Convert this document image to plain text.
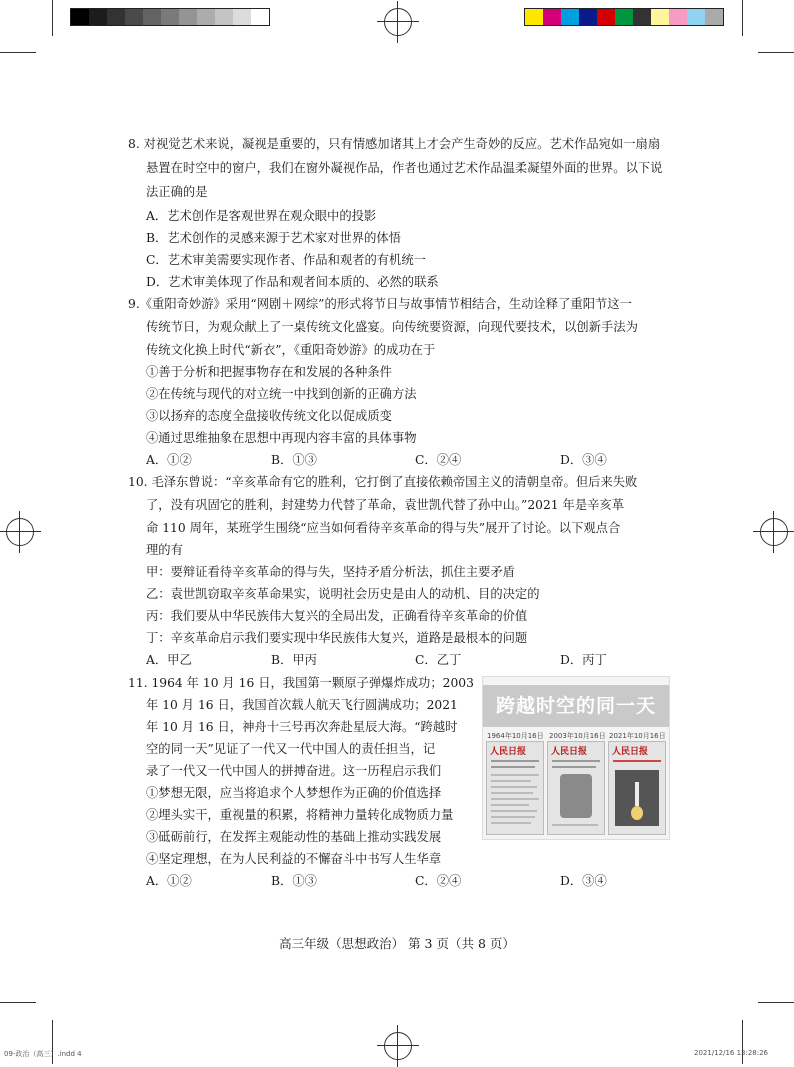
8. 对视觉艺术来说，凝视是重要的，只有情感加诸其上才会产生奇妙的反应。艺术作品宛如一扇扇
悬置在时空中的窗户，我们在窗外凝视作品，作者也通过艺术作品温柔凝望外面的世界。以下说
法正确的是
A．艺术创作是客观世界在观众眼中的投影
B．艺术创作的灵感来源于艺术家对世界的体悟
C．艺术审美需要实现作者、作品和观者的有机统一
D．艺术审美体现了作品和观者间本质的、必然的联系
9.《重阳奇妙游》采用“网剧＋网综”的形式将节日与故事情节相结合，生动诠释了重阳节这一
传统节日，为观众献上了一桌传统文化盛宴。向传统要资源，向现代要技术，以创新手法为
传统文化换上时代“新衣”，《重阳奇妙游》的成功在于
①善于分析和把握事物存在和发展的各种条件
②在传统与现代的对立统一中找到创新的正确方法
③以扬弃的态度全盘接收传统文化以促成质变
④通过思维抽象在思想中再现内容丰富的具体事物
A．①②	B．①③	C．②④	D．③④
10. 毛泽东曾说：“辛亥革命有它的胜利，它打倒了直接依赖帝国主义的清朝皇帝。但后来失败
了，没有巩固它的胜利，封建势力代替了革命，袁世凯代替了孙中山。”2021 年是辛亥革
命 110 周年，某班学生围绕“应当如何看待辛亥革命的得与失”展开了讨论。以下观点合
理的有
甲：要辩证看待辛亥革命的得与失，坚持矛盾分析法，抓住主要矛盾
乙：袁世凯窃取辛亥革命果实，说明社会历史是由人的动机、目的决定的
丙：我们要从中华民族伟大复兴的全局出发，正确看待辛亥革命的价值
丁：辛亥革命启示我们要实现中华民族伟大复兴，道路是最根本的问题
A．甲乙	B．甲丙	C．乙丁	D．丙丁
11. 1964 年 10 月 16 日，我国第一颗原子弹爆炸成功；2003
年 10 月 16 日，我国首次载人航天飞行圆满成功；2021
年 10 月 16 日，神舟十三号再次奔赴星辰大海。“跨越时
空的同一天”见证了一代又一代中国人的责任担当，记
录了一代又一代中国人的拼搏奋进。这一历程启示我们
①梦想无限，应当将追求个人梦想作为正确的价值选择
②埋头实干，重视量的积累，将精神力量转化成物质力量
③砥砺前行，在发挥主观能动性的基础上推动实践发展
④坚定理想，在为人民利益的不懈奋斗中书写人生华章
A．①②	B．①③	C．②④	D．③④
跨越时空的同一天
1964年10月16日 2003年10月16日 2021年10月16日
人民日报	人民日报	人民日报
高三年级（思想政治） 第 3 页（共 8 页）
09-政治（高三）.indd 4	2021/12/16 13:28:26
